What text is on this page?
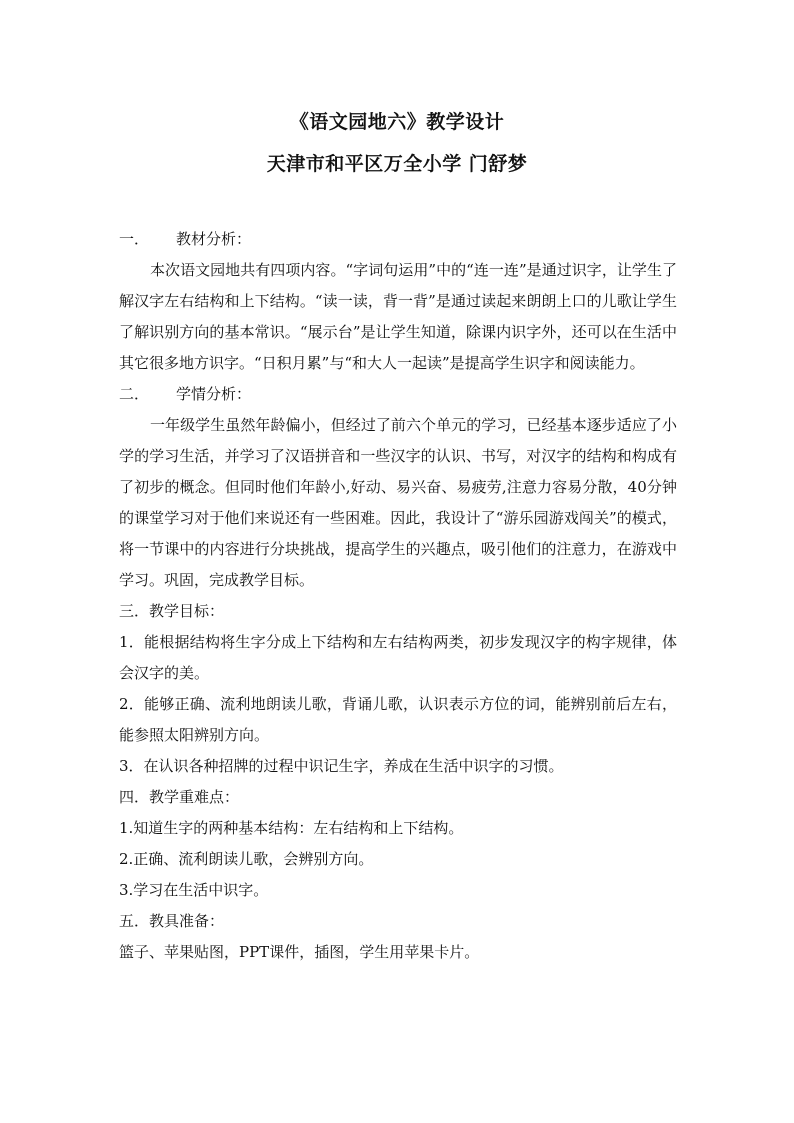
《语文园地六》教学设计
天津市和平区万全小学 门舒梦
一．	教材分析：

本次语文园地共有四项内容。“字词句运用”中的“连一连”是通过识字，让学生了解汉字左右结构和上下结构。“读一读，背一背”是通过读起来朗朗上口的儿歌让学生了解识别方向的基本常识。“展示台”是让学生知道，除课内识字外，还可以在生活中其它很多地方识字。“日积月累”与“和大人一起读”是提高学生识字和阅读能力。

二．	学情分析：

一年级学生虽然年龄偏小，但经过了前六个单元的学习，已经基本逐步适应了小学的学习生活，并学习了汉语拼音和一些汉字的认识、书写，对汉字的结构和构成有了初步的概念。但同时他们年龄小,好动、易兴奋、易疲劳,注意力容易分散，40分钟的课堂学习对于他们来说还有一些困难。因此，我设计了“游乐园游戏闯关”的模式，将一节课中的内容进行分块挑战，提高学生的兴趣点，吸引他们的注意力，在游戏中学习。巩固，完成教学目标。

三．教学目标：

1．能根据结构将生字分成上下结构和左右结构两类，初步发现汉字的构字规律，体会汉字的美。

2．能够正确、流利地朗读儿歌，背诵儿歌，认识表示方位的词，能辨别前后左右，能参照太阳辨别方向。

3．在认识各种招牌的过程中识记生字，养成在生活中识字的习惯。

四．教学重难点：

1.知道生字的两种基本结构：左右结构和上下结构。

2.正确、流利朗读儿歌，会辨别方向。

3.学习在生活中识字。

五．教具准备：

篮子、苹果贴图，PPT课件，插图，学生用苹果卡片。
